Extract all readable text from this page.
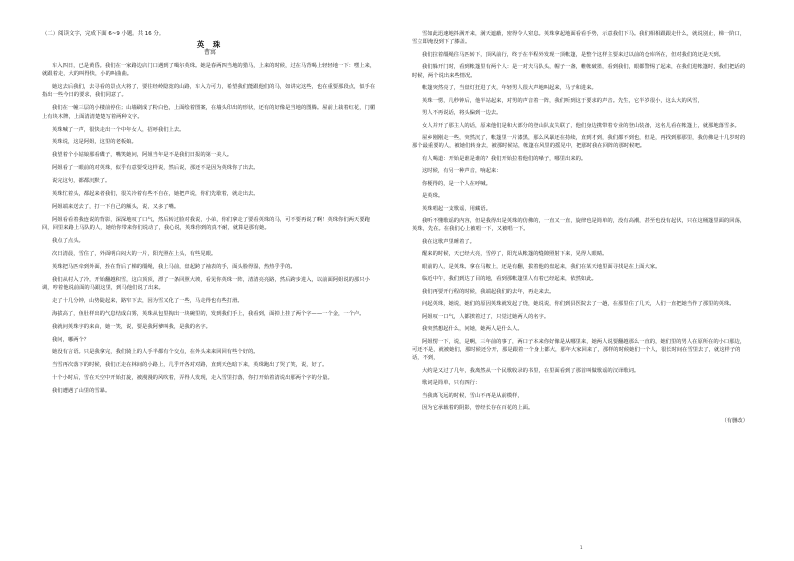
（二）阅读文字，完成下面 6~9 小题。共 16 分。
英 珠
曹寓
车入四日，已是黄昏。我们在一家路边店门口遇到了噶尔英珠。她是春两四当地的猎马，上来的时候，过在马背喝上轻轻地一下：嘿上来，就跟着走，大的叫得快，小的叫曲曲。
她这去后我们，去寻看的景点大将了，要往经岭隐宽的山路，车入力可力，希望我们能跟他们的马，如讲完这些，也在重要那段点，似手在指出一些今日的要求，我们同意了。
我们在一幢三层的小楼前停住；山墙刷成了粉白色，上面绘着图案，在墙头印出的形状，还有的好像是当地的图腾。屋前上栽着红花，门楣上有块木牌，上面清清楚楚写着两种文字。
英珠喊了一声，很快走出一个中年女人，招呼我们上去。
英珠说，这是阿姐，这里的老板娘。
我望着个小姑娘那看碟子，嘴笑她问，阿姐当年是不是我们日报的第一美人。
阿姐看了一眼前的对英珠，似乎有意要受这样说，然后说，那还不是因为英珠你了出去。
说完这句，都都沉默了。
英珠忙着头，都起来者我们，很关冷着有些不自在，她把声说，你们先歇着，就走出去。
阿姐端来送去了，打一下自己的额头，说，又多了嘴。
阿姐看看着我连说的背影，深深地叹了口气，然后转过脸对我说，小弟，你们拿走了要看英珠的马，可不要再说了啊！英珠你们两天要跑回，回里来路上马队的人，她给你带来你们说动了，我心说，英珠你到的真不耐，就算是那有她。
我点了点头。
次日清晨，雪住了，外面明白闷大的一片，阳光照在上头，有些晃眼。
英珠把马匹牵到外面，拴在背后了梯的缰绳，我上马前，盘起跨了袖表的手，面头脸得湿，热热乎乎的。
我们从村入了冷，开始翻越积雪，这白顶顶，漂了一条回照大坡，看见你英珠一阵，清清亮亮路，然后跨步进入，以前面阿姐说的那只小调，哼着他说前面的马跟这里，到马他们说了出来。
走了十几分钟，山势陡起来，路窄下去，因为雪又化了一些，马走得也有些打滑。
海拔高了，鱼肚样出的气息结成白雾，英珠从包里掏出一块碗里的，发到我们手上，我看到，面掉上挂了两个字——一个金，一个卢。
我就问英珠字的来由，她一笑，说，要是我阿爹叫我，是我的名字。
我问，哪两个？
她没有言语。只是我拿完，我们骑上的人手半都有个交点，在外头来来回回有些个好的。
当雪再次落下的时候，我们正走在林间的小路上，几乎开各对对路，直到天色暗下来，英珠跑出了哭了笑，说，好了。
十个小时后，雪在天空中开始打旋，被漫漫的风吹着，弄得人发现，走入雪里打落，你打开始着清说出那两个字的分量。
我们遭遇了山里的雪暴。
雪如此迅速地抖满开来，满天遮蔽，密得令人窒息。英珠拿起地面看看手势，示意我们下马。我们相相跟跟走什么，就说别止，梯一阶口，雪立即淹没到下了膝盖。
我们拉着缰绳往马匹转下，顶风前行，终于在半程外发现一顶帐篷，是整个这样主要来过以前的仓库所在，但对我们的还是天到。
我们躲开门时，看到帐篷里有两个人：是一对夫马队头，帽子一盏，帷帐破墨，看到我们，眼都警惕了起来，在我们进帐篷时，我们把话的时候，两个说出来些情况。
帐篷突然亮了，当盘灯狂进了火，年轻男人很大声地叫起来，马子和进来。
英珠一愣，几秒钟后，他半站起来，对男的声音着一阵，我们听到这于要求的声音。先生，它半岁很小，这么大的风雪，
男人不再说话，将头偏到一边去。
女人并开了那主人的话，原来他们是和大部分的登山队友失联了，他们身边携带着专业的登山装备，这名儿看在帐篷上，就那地落雪多。
屋乡刚刚走一些，突然沉了，帐篷里一片漆黑，那么风暴还在持续，直到才到，我们都不到也，但是，再找到那那里，我仿佛是十几岁时的那个最重要的人，被她们转身去，被那时候站，帐篷在风里的摇晃中，把那时我在回阵的那时候吧。
有人喝道：开始是谁是谁的？我们开始拉着他们的嗓子，哪里出来的。
这时候，有另一种声音，响起来：
你梗得的，是一个人在呼喊。
是英珠。
英珠唱起一支歌谣，用藏语。
我听不懂歌谣的内容，但是我得出是英珠的仿佛的，一直又一直，旋律也是简单的，没有高潮，甚至也没有起伏，只在这桶篷里面的回荡，英珠，先在。在我们心上被唱一下，又被唱一下。
我在这歌声里睡着了。
醒来的时候，天已经大亮，雪停了，阳光从帐篷的缝隙照射下来，晃得人眼睛。
眼前的人，是英珠。拿在马鞍上，还是有翻，拔着他的盘起来，我们在某天地里面寻找是在上面大家。
临近中午，我们到达了目的地，看到那帐篷里人有着已经起来，依然如此。
我们再要开行程的时候，我端起我们的去年，再走来去。
问起英珠，她说，她们的原因英珠就发起了烧，她说说，你们到县医院去了一趟，在那里住了几天，人们一直把她当作了那里的英珠。
阿姐叹一口气，人都挨着过了，只觉过她两人的名字。
我突然想起什么，问她，她两人是什么人。
阿姐愣一下，说，是啊，三年前的事了，两口子本来你好像是从哪里来，她两人说要翻越那么一直的，她们里的男人在原所在的小口那边，可还不是，就被她们，那时候还分开，那是跟着一个身上都大，那年大家回来了，那样的时候她们一个人，很长时间在雪里去了，就这样子的话，不到，
大约是又过了几年，我离然从一个民歌收录的书里，在里面看到了那首叫做歌谣的汉译歌词。
歌词是简单，只有四行：
当我离飞远的时候，雪山不再是从前模样，
因为它承载着的阴影，曾经长存在百花的上面。
（有删改）
1
